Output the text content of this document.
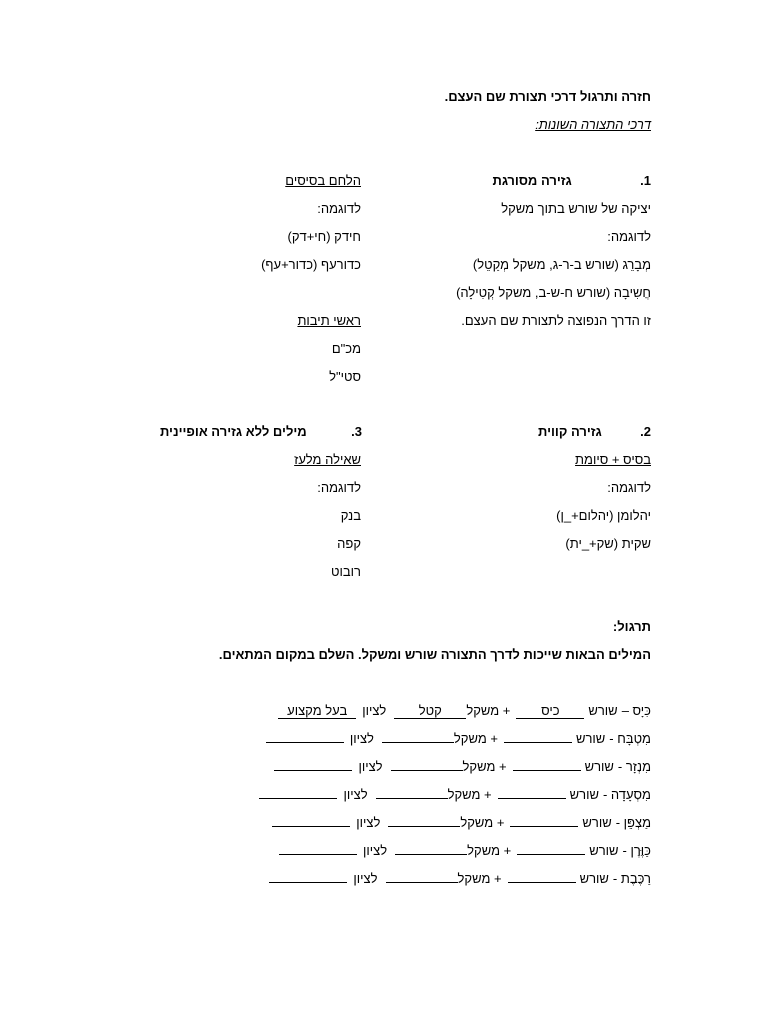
חזרה ותרגול דרכי תצורת שם העצם.
דרכי התצורה השונות:
1.  גזירה מסורגת
יציקה של שורש בתוך משקל
לדוגמה:
מְבָרֵג (שורש ב-ר-ג, משקל מְקַטֵל)
חֲשִיבָה (שורש ח-ש-ב, משקל קְטִילָה)
זו הדרך הנפוצה לתצורת שם העצם.
הלחם בסיסים
לדוגמה:
חידק (חי+דק)
כדורעף (כדור+עף)
ראשי תיבות
מכ"ם
סטי"ל
2.  גזירה קווית
בסיס + סיומת
לדוגמה:
יהלומן (יהלום+_ן)
שקית (שק+_ית)
3.  מילים ללא גזירה אופיינית
שאילה מלעז
לדוגמה:
בנק
קפה
רובוט
תרגול:
המילים הבאות שייכות לדרך התצורה שורש ומשקל. השלם במקום המתאים.
כִּיָס –שורשכיס+ משקלקטללציוןבעל מקצוע
מִטְבָּח -שורש+ משקללציון
מִנְזָר -שורש+ משקללציון
מִסְעָדָה -שורש+ משקללציון
מַצְפֵּן -שורש+ משקללציון
כַּוֶּרֶן -שורש+ משקללציון
רַכֶּבֶת -שורש+ משקללציון
